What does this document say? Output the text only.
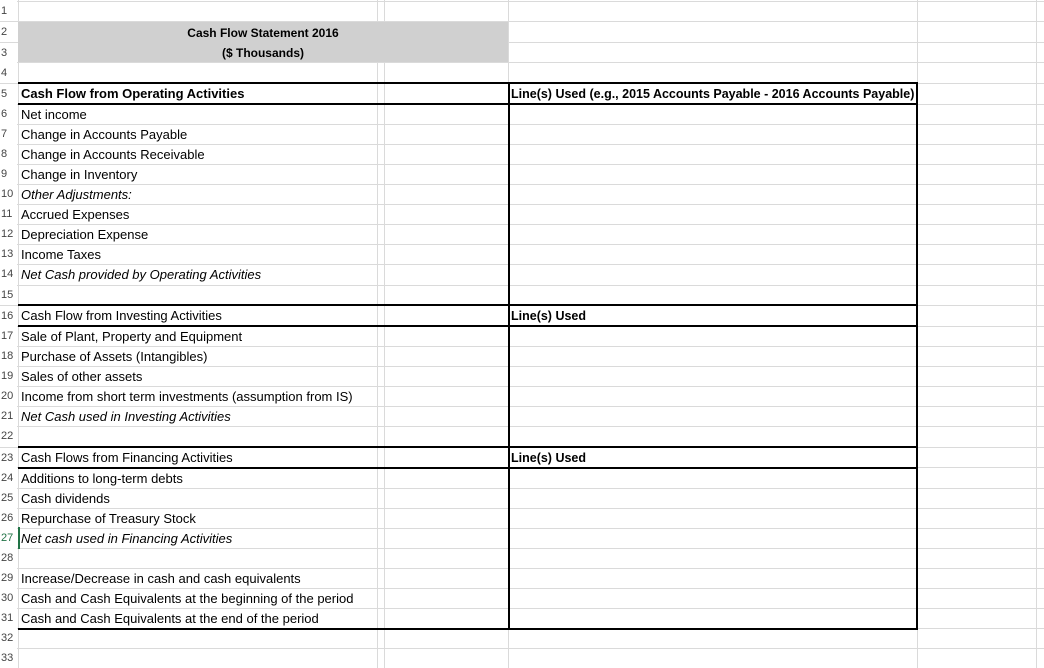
Cash Flow Statement 2016
($ Thousands)
1
2
3
4
5
6
7
8
9
10
11
12
13
14
15
16
17
18
19
20
21
22
23
24
25
26
27
28
29
30
31
32
33
Cash Flow from Operating Activities	Line(s) Used (e.g., 2015 Accounts Payable - 2016 Accounts Payable)
Net income
Change in Accounts Payable
Change in Accounts Receivable
Change in Inventory
Other Adjustments:
Accrued Expenses
Depreciation Expense
Income Taxes
Net Cash provided by Operating Activities
Cash Flow from Investing Activities	Line(s) Used
Sale of Plant, Property and Equipment
Purchase of Assets (Intangibles)
Sales of other assets
Income from short term investments (assumption from IS)
Net Cash used in Investing Activities
Cash Flows from Financing Activities	Line(s) Used
Additions to long-term debts
Cash dividends
Repurchase of Treasury Stock
Net cash used in Financing Activities
Increase/Decrease in cash and cash equivalents
Cash and Cash Equivalents at the beginning of the period
Cash and Cash Equivalents at the end of the period
